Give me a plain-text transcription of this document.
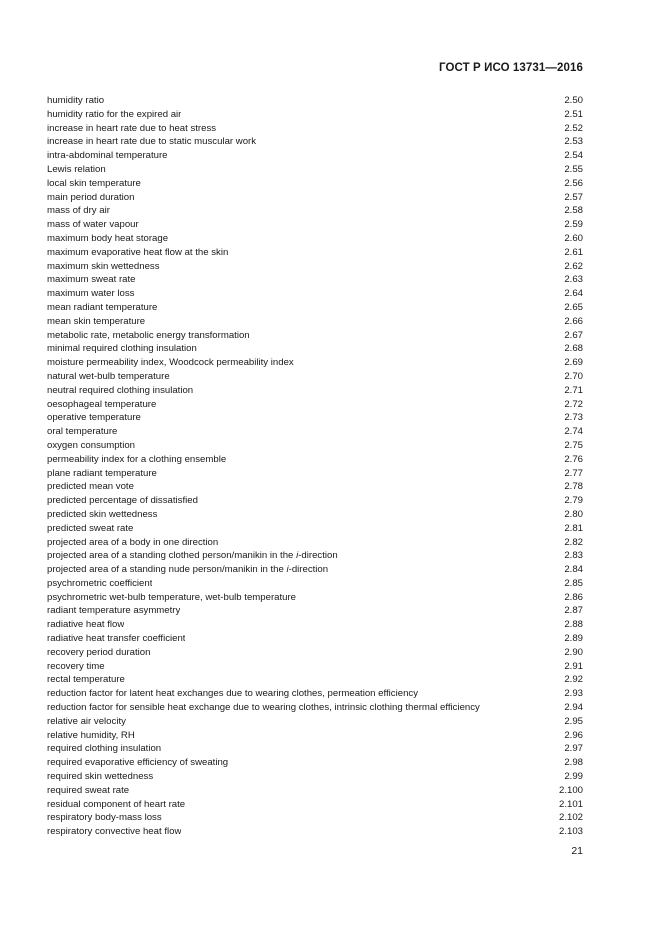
ГОСТ Р ИСО 13731—2016
humidity ratio	2.50
humidity ratio for the expired air	2.51
increase in heart rate due to heat stress	2.52
increase in heart rate due to static muscular work	2.53
intra-abdominal temperature	2.54
Lewis relation	2.55
local skin temperature	2.56
main period duration	2.57
mass of dry air	2.58
mass of water vapour	2.59
maximum body heat storage	2.60
maximum evaporative heat flow at the skin	2.61
maximum skin wettedness	2.62
maximum sweat rate	2.63
maximum water loss	2.64
mean radiant temperature	2.65
mean skin temperature	2.66
metabolic rate, metabolic energy transformation	2.67
minimal required clothing insulation	2.68
moisture permeability index, Woodcock permeability index	2.69
natural wet-bulb temperature	2.70
neutral required clothing insulation	2.71
oesophageal temperature	2.72
operative temperature	2.73
oral temperature	2.74
oxygen consumption	2.75
permeability index for a clothing ensemble	2.76
plane radiant temperature	2.77
predicted mean vote	2.78
predicted percentage of dissatisfied	2.79
predicted skin wettedness	2.80
predicted sweat rate	2.81
projected area of a body in one direction	2.82
projected area of a standing clothed person/manikin in the i-direction	2.83
projected area of a standing nude person/manikin in the i-direction	2.84
psychrometric coefficient	2.85
psychrometric wet-bulb temperature, wet-bulb temperature	2.86
radiant temperature asymmetry	2.87
radiative heat flow	2.88
radiative heat transfer coefficient	2.89
recovery period duration	2.90
recovery time	2.91
rectal temperature	2.92
reduction factor for latent heat exchanges due to wearing clothes, permeation efficiency	2.93
reduction factor for sensible heat exchange due to wearing clothes, intrinsic clothing thermal efficiency	2.94
relative air velocity	2.95
relative humidity, RH	2.96
required clothing insulation	2.97
required evaporative efficiency of sweating	2.98
required skin wettedness	2.99
required sweat rate	2.100
residual component of heart rate	2.101
respiratory body-mass loss	2.102
respiratory convective heat flow	2.103
21
